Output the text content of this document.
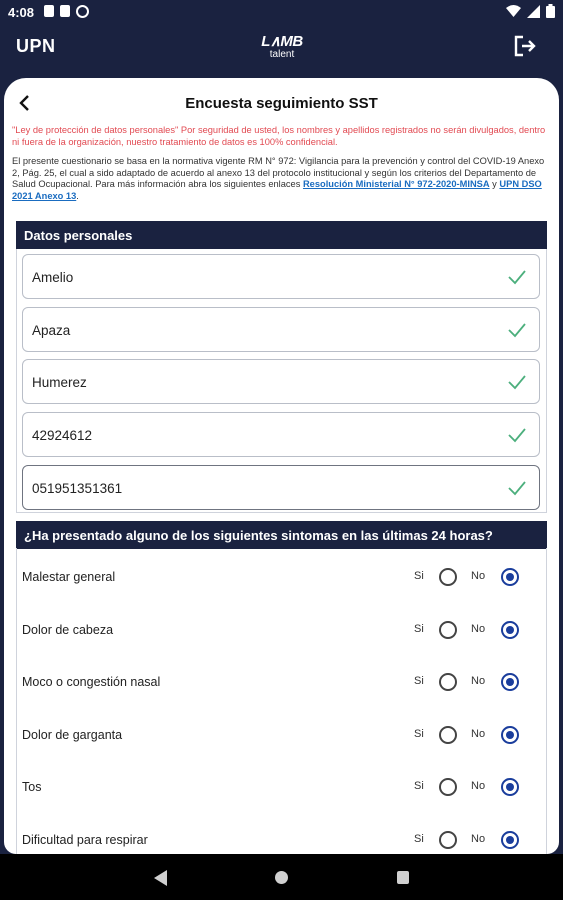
4:08
UPN	L∧MB
talent
Encuesta seguimiento SST

"Ley de protección de datos personales" Por seguridad de usted, los nombres y apellidos registrados no serán divulgados, dentro ni fuera de la organización, nuestro tratamiento de datos es 100% confidencial.

El presente cuestionario se basa en la normativa vigente RM N° 972: Vigilancia para la prevención y control del COVID-19 Anexo 2, Pág. 25, el cual a sido adaptado de acuerdo al anexo 13 del protocolo institucional y según los criterios del Departamento de Salud Ocupacional. Para más información abra los siguientes enlaces Resolución Ministerial N° 972-2020-MINSA y UPN DSO 2021 Anexo 13.

Datos personales
Amelio
Apaza
Humerez
42924612
051951351361
¿Ha presentado alguno de los siguientes sintomas en las últimas 24 horas?
Malestar general	Si	No
Dolor de cabeza	Si	No
Moco o congestión nasal	Si	No
Dolor de garganta	Si	No
Tos	Si	No
Dificultad para respirar	Si	No
